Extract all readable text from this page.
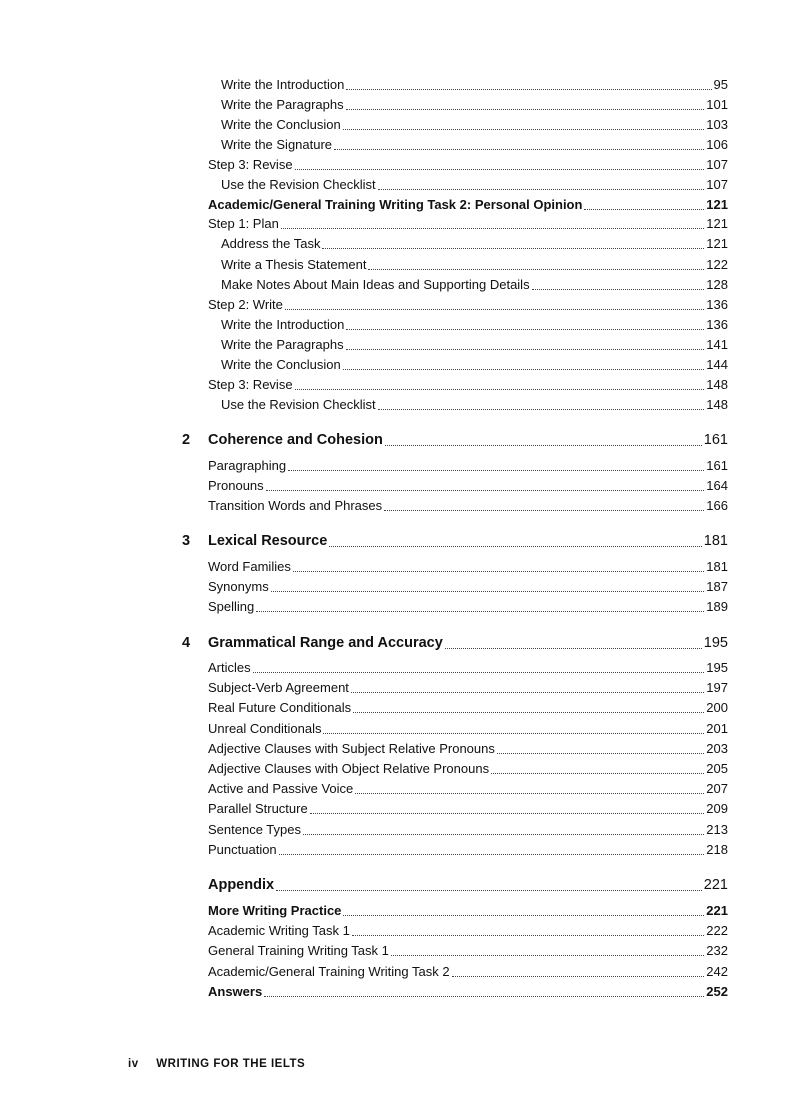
Write the Introduction	95
Write the Paragraphs	101
Write the Conclusion	103
Write the Signature	106
Step 3: Revise	107
Use the Revision Checklist	107
Academic/General Training Writing Task 2: Personal Opinion	121
Step 1: Plan	121
Address the Task	121
Write a Thesis Statement	122
Make Notes About Main Ideas and Supporting Details	128
Step 2: Write	136
Write the Introduction	136
Write the Paragraphs	141
Write the Conclusion	144
Step 3: Revise	148
Use the Revision Checklist	148
2	Coherence and Cohesion	161
Paragraphing	161
Pronouns	164
Transition Words and Phrases	166
3	Lexical Resource	181
Word Families	181
Synonyms	187
Spelling	189
4	Grammatical Range and Accuracy	195
Articles	195
Subject-Verb Agreement	197
Real Future Conditionals	200
Unreal Conditionals	201
Adjective Clauses with Subject Relative Pronouns	203
Adjective Clauses with Object Relative Pronouns	205
Active and Passive Voice	207
Parallel Structure	209
Sentence Types	213
Punctuation	218
Appendix	221
More Writing Practice	221
Academic Writing Task 1	222
General Training Writing Task 1	232
Academic/General Training Writing Task 2	242
Answers	252
iv WRITING FOR THE IELTS
